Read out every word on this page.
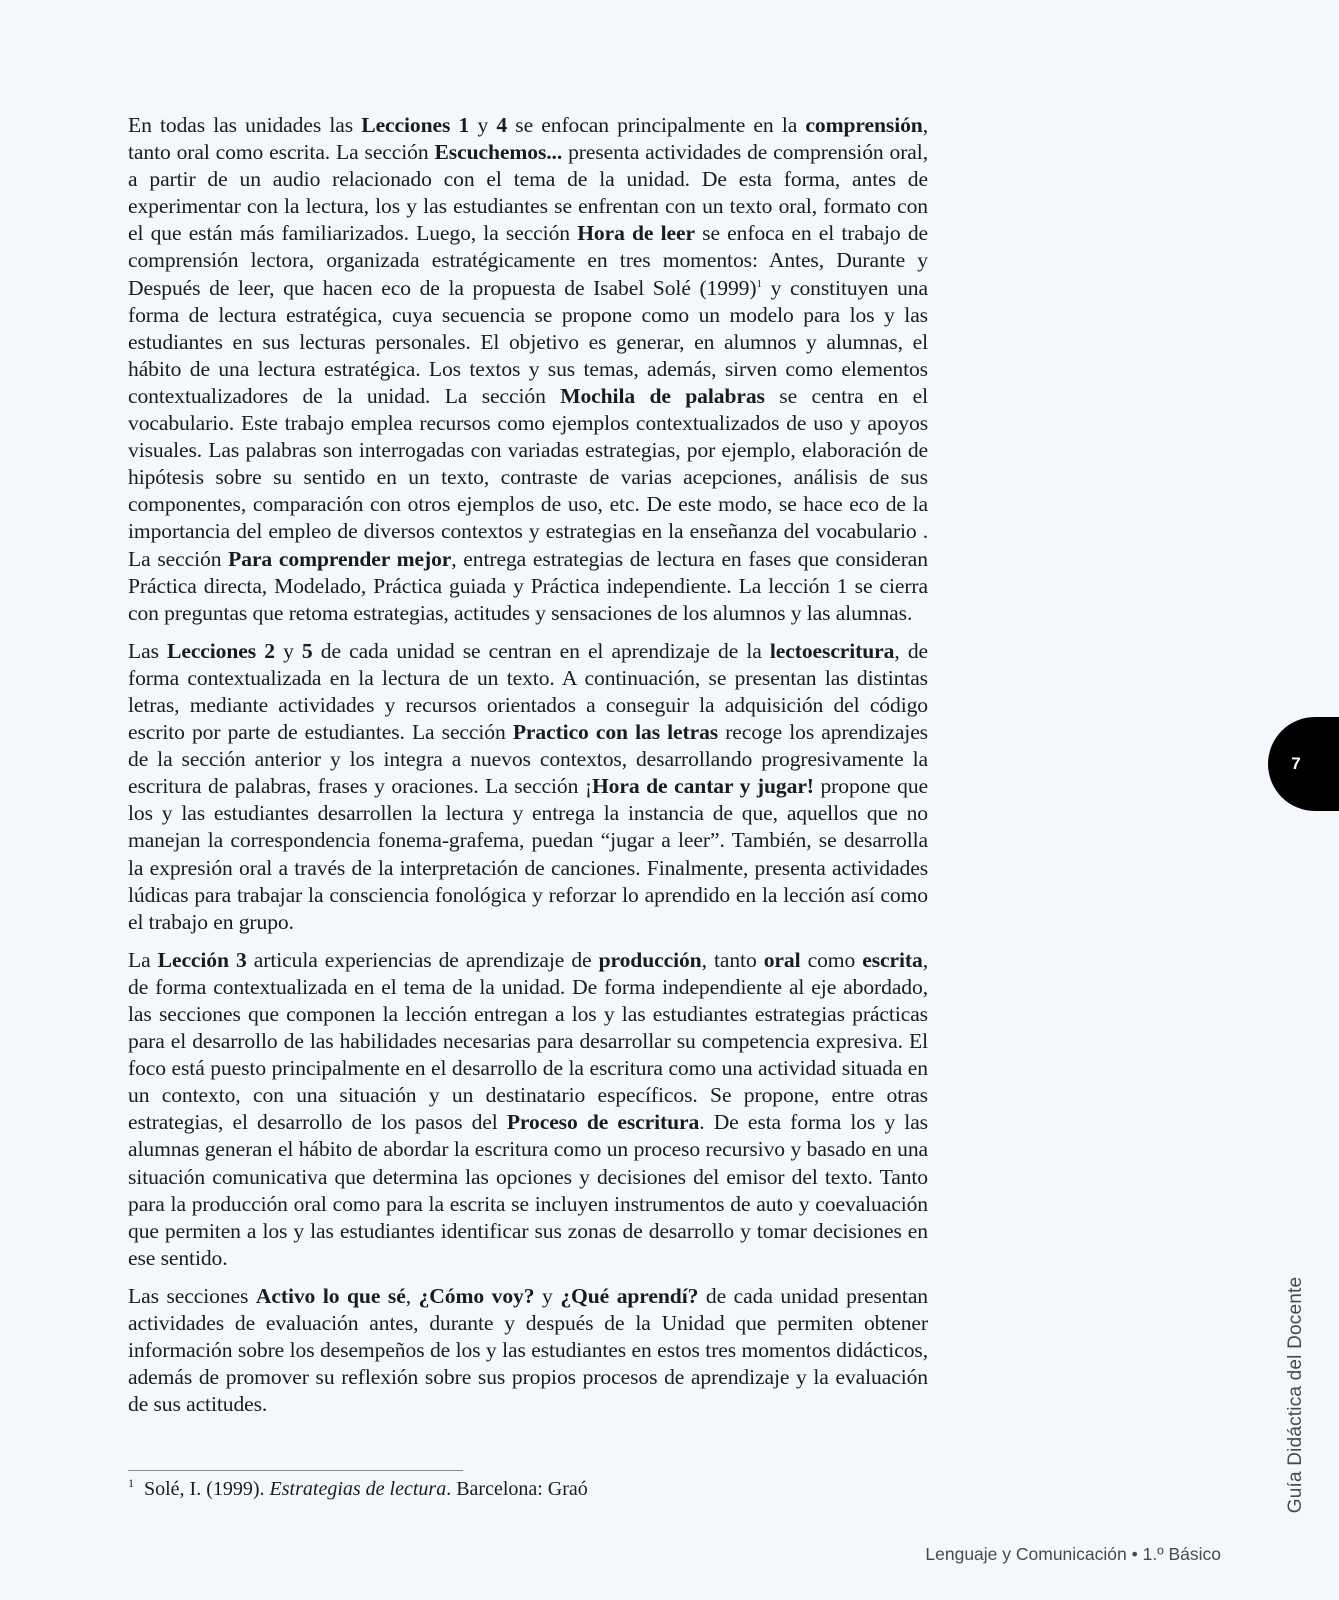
En todas las unidades las Lecciones 1 y 4 se enfocan principalmente en la comprensión, tanto oral como escrita. La sección Escuchemos... presenta actividades de comprensión oral, a partir de un audio relacionado con el tema de la unidad. De esta forma, antes de experimentar con la lectura, los y las estudiantes se enfrentan con un texto oral, formato con el que están más familiarizados. Luego, la sección Hora de leer se enfoca en el trabajo de comprensión lectora, organizada estratégicamente en tres momentos: Antes, Durante y Después de leer, que hacen eco de la propuesta de Isabel Solé $(1999)^1$ y constituyen una forma de lectura estratégica, cuya secuencia se propone como un modelo para los y las estudiantes en sus lecturas personales. El objetivo es generar, en alumnos y alumnas, el hábito de una lectura estratégica. Los textos y sus temas, además, sirven como elementos contextualizadores de la unidad. La sección Mochila de palabras se centra en el vocabulario. Este trabajo emplea recursos como ejemplos contextualizados de uso y apoyos visuales. Las palabras son interrogadas con variadas estrategias, por ejemplo, elaboración de hipótesis sobre su sentido en un texto, contraste de varias acepciones, análisis de sus componentes, comparación con otros ejemplos de uso, etc. De este modo, se hace eco de la importancia del empleo de diversos contextos y estrategias en la enseñanza del vocabulario . La sección Para comprender mejor, entrega estrategias de lectura en fases que consideran Práctica directa, Modelado, Práctica guiada y Práctica independiente. La lección 1 se cierra con preguntas que retoma estrategias, actitudes y sensaciones de los alumnos y las alumnas.

Las Lecciones 2 y 5 de cada unidad se centran en el aprendizaje de la lectoescritura, de forma contextualizada en la lectura de un texto. A continuación, se presentan las distintas letras, mediante actividades y recursos orientados a conseguir la adquisición del código escrito por parte de estudiantes. La sección Practico con las letras recoge los aprendizajes de la sección anterior y los integra a nuevos contextos, desarrollando progresivamente la escritura de palabras, frases y oraciones. La sección ¡Hora de cantar y jugar! propone que los y las estudiantes desarrollen la lectura y entrega la instancia de que, aquellos que no manejan la correspondencia fonema-grafema, puedan “jugar a leer”. También, se desarrolla la expresión oral a través de la interpretación de canciones. Finalmente, presenta actividades lúdicas para trabajar la consciencia fonológica y reforzar lo aprendido en la lección así como el trabajo en grupo.

La Lección 3 articula experiencias de aprendizaje de producción, tanto oral como escrita, de forma contextualizada en el tema de la unidad. De forma independiente al eje abordado, las secciones que componen la lección entregan a los y las estudiantes estrategias prácticas para el desarrollo de las habilidades necesarias para desarrollar su competencia expresiva. El foco está puesto principalmente en el desarrollo de la escritura como una actividad situada en un contexto, con una situación y un destinatario específicos. Se propone, entre otras estrategias, el desarrollo de los pasos del Proceso de escritura. De esta forma los y las alumnas generan el hábito de abordar la escritura como un proceso recursivo y basado en una situación comunicativa que determina las opciones y decisiones del emisor del texto. Tanto para la producción oral como para la escrita se incluyen instrumentos de auto y coevaluación que permiten a los y las estudiantes identificar sus zonas de desarrollo y tomar decisiones en ese sentido.

Las secciones Activo lo que sé, ¿Cómo voy? y ¿Qué aprendí? de cada unidad presentan actividades de evaluación antes, durante y después de la Unidad que permiten obtener información sobre los desempeños de los y las estudiantes en estos tres momentos didácticos, además de promover su reflexión sobre sus propios procesos de aprendizaje y la evaluación de sus actitudes.

$^1$ Solé, I. (1999). Estrategias de lectura. Barcelona: Graó
7
Guía Didáctica del Docente
Lenguaje y Comunicación • 1.º Básico
